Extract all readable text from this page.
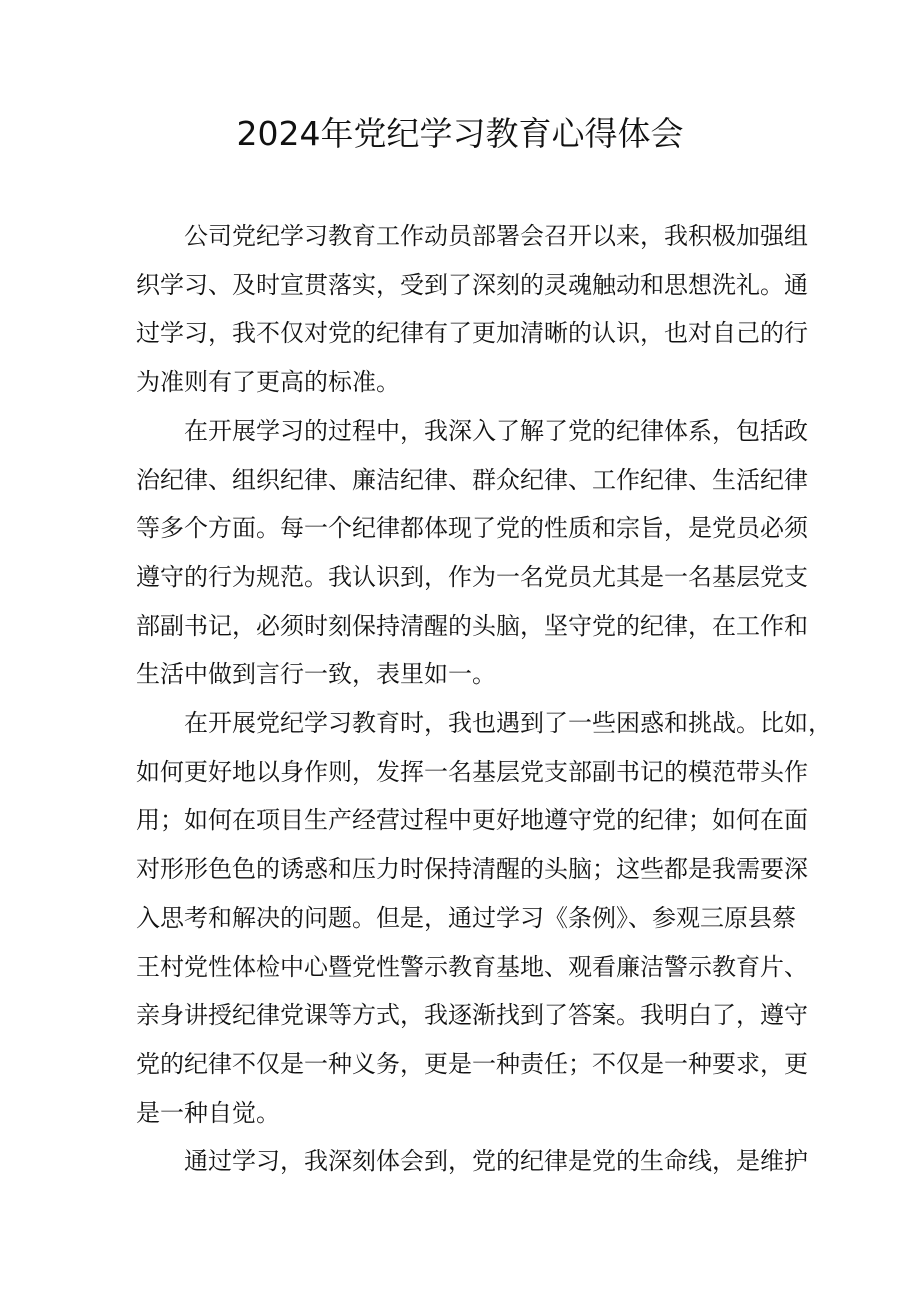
2024年党纪学习教育心得体会
公司党纪学习教育工作动员部署会召开以来，我积极加强组
织学习、及时宣贯落实，受到了深刻的灵魂触动和思想洗礼。通
过学习，我不仅对党的纪律有了更加清晰的认识，也对自己的行
为准则有了更高的标准。
在开展学习的过程中，我深入了解了党的纪律体系，包括政
治纪律、组织纪律、廉洁纪律、群众纪律、工作纪律、生活纪律
等多个方面。每一个纪律都体现了党的性质和宗旨，是党员必须
遵守的行为规范。我认识到，作为一名党员尤其是一名基层党支
部副书记，必须时刻保持清醒的头脑，坚守党的纪律，在工作和
生活中做到言行一致，表里如一。
在开展党纪学习教育时，我也遇到了一些困惑和挑战。比如，
如何更好地以身作则，发挥一名基层党支部副书记的模范带头作
用；如何在项目生产经营过程中更好地遵守党的纪律；如何在面
对形形色色的诱惑和压力时保持清醒的头脑；这些都是我需要深
入思考和解决的问题。但是，通过学习《条例》、参观三原县蔡
王村党性体检中心暨党性警示教育基地、观看廉洁警示教育片、
亲身讲授纪律党课等方式，我逐渐找到了答案。我明白了，遵守
党的纪律不仅是一种义务，更是一种责任；不仅是一种要求，更
是一种自觉。
通过学习，我深刻体会到，党的纪律是党的生命线，是维护
